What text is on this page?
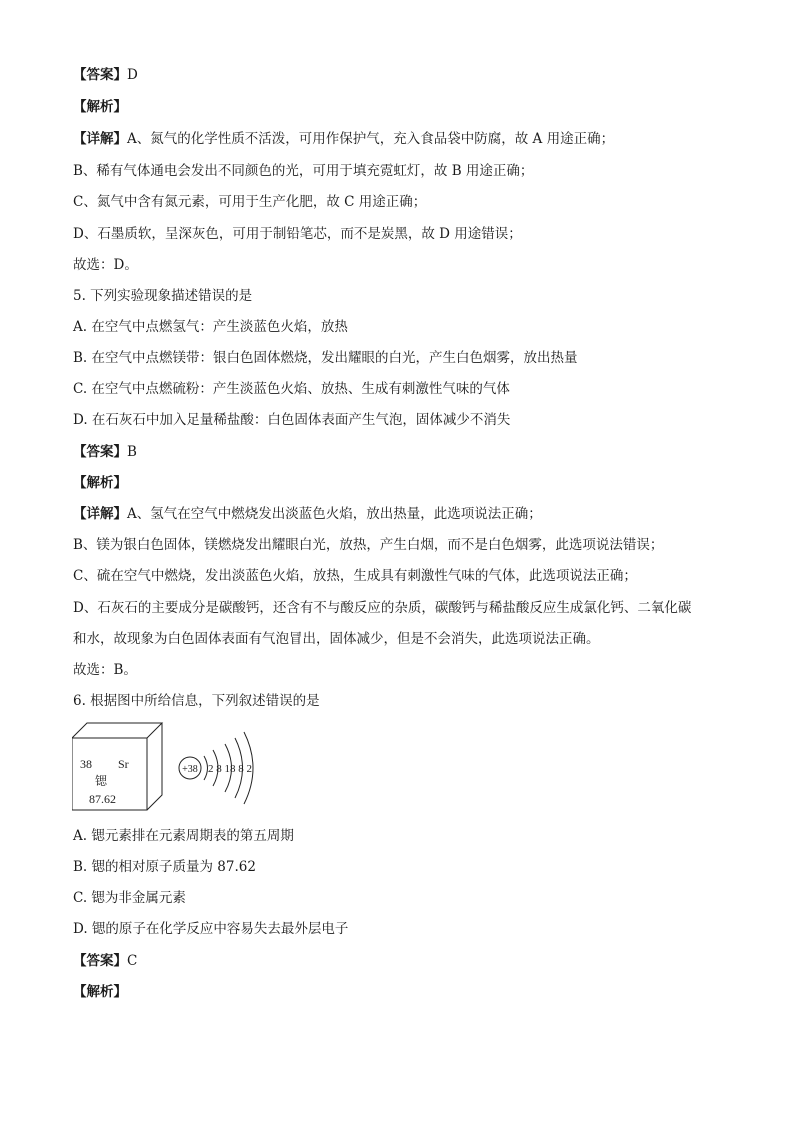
【答案】D
【解析】
【详解】A、氮气的化学性质不活泼，可用作保护气，充入食品袋中防腐，故 A 用途正确；
B、稀有气体通电会发出不同颜色的光，可用于填充霓虹灯，故 B 用途正确；
C、氮气中含有氮元素，可用于生产化肥，故 C 用途正确；
D、石墨质软，呈深灰色，可用于制铅笔芯，而不是炭黑，故 D 用途错误；
故选：D。
5. 下列实验现象描述错误的是
A. 在空气中点燃氢气：产生淡蓝色火焰，放热
B. 在空气中点燃镁带：银白色固体燃烧，发出耀眼的白光，产生白色烟雾，放出热量
C. 在空气中点燃硫粉：产生淡蓝色火焰、放热、生成有刺激性气味的气体
D. 在石灰石中加入足量稀盐酸：白色固体表面产生气泡，固体减少不消失
【答案】B
【解析】
【详解】A、氢气在空气中燃烧发出淡蓝色火焰，放出热量，此选项说法正确；
B、镁为银白色固体，镁燃烧发出耀眼白光，放热，产生白烟，而不是白色烟雾，此选项说法错误；
C、硫在空气中燃烧，发出淡蓝色火焰，放热，生成具有刺激性气味的气体，此选项说法正确；
D、石灰石的主要成分是碳酸钙，还含有不与酸反应的杂质，碳酸钙与稀盐酸反应生成氯化钙、二氧化碳
和水，故现象为白色固体表面有气泡冒出，固体减少，但是不会消失，此选项说法正确。
故选：B。
6. 根据图中所给信息，下列叙述错误的是
38 Sr
锶
87.62
+38 2 8 18 8 2
A. 锶元素排在元素周期表的第五周期
B. 锶的相对原子质量为 87.62
C. 锶为非金属元素
D. 锶的原子在化学反应中容易失去最外层电子
【答案】C
【解析】
